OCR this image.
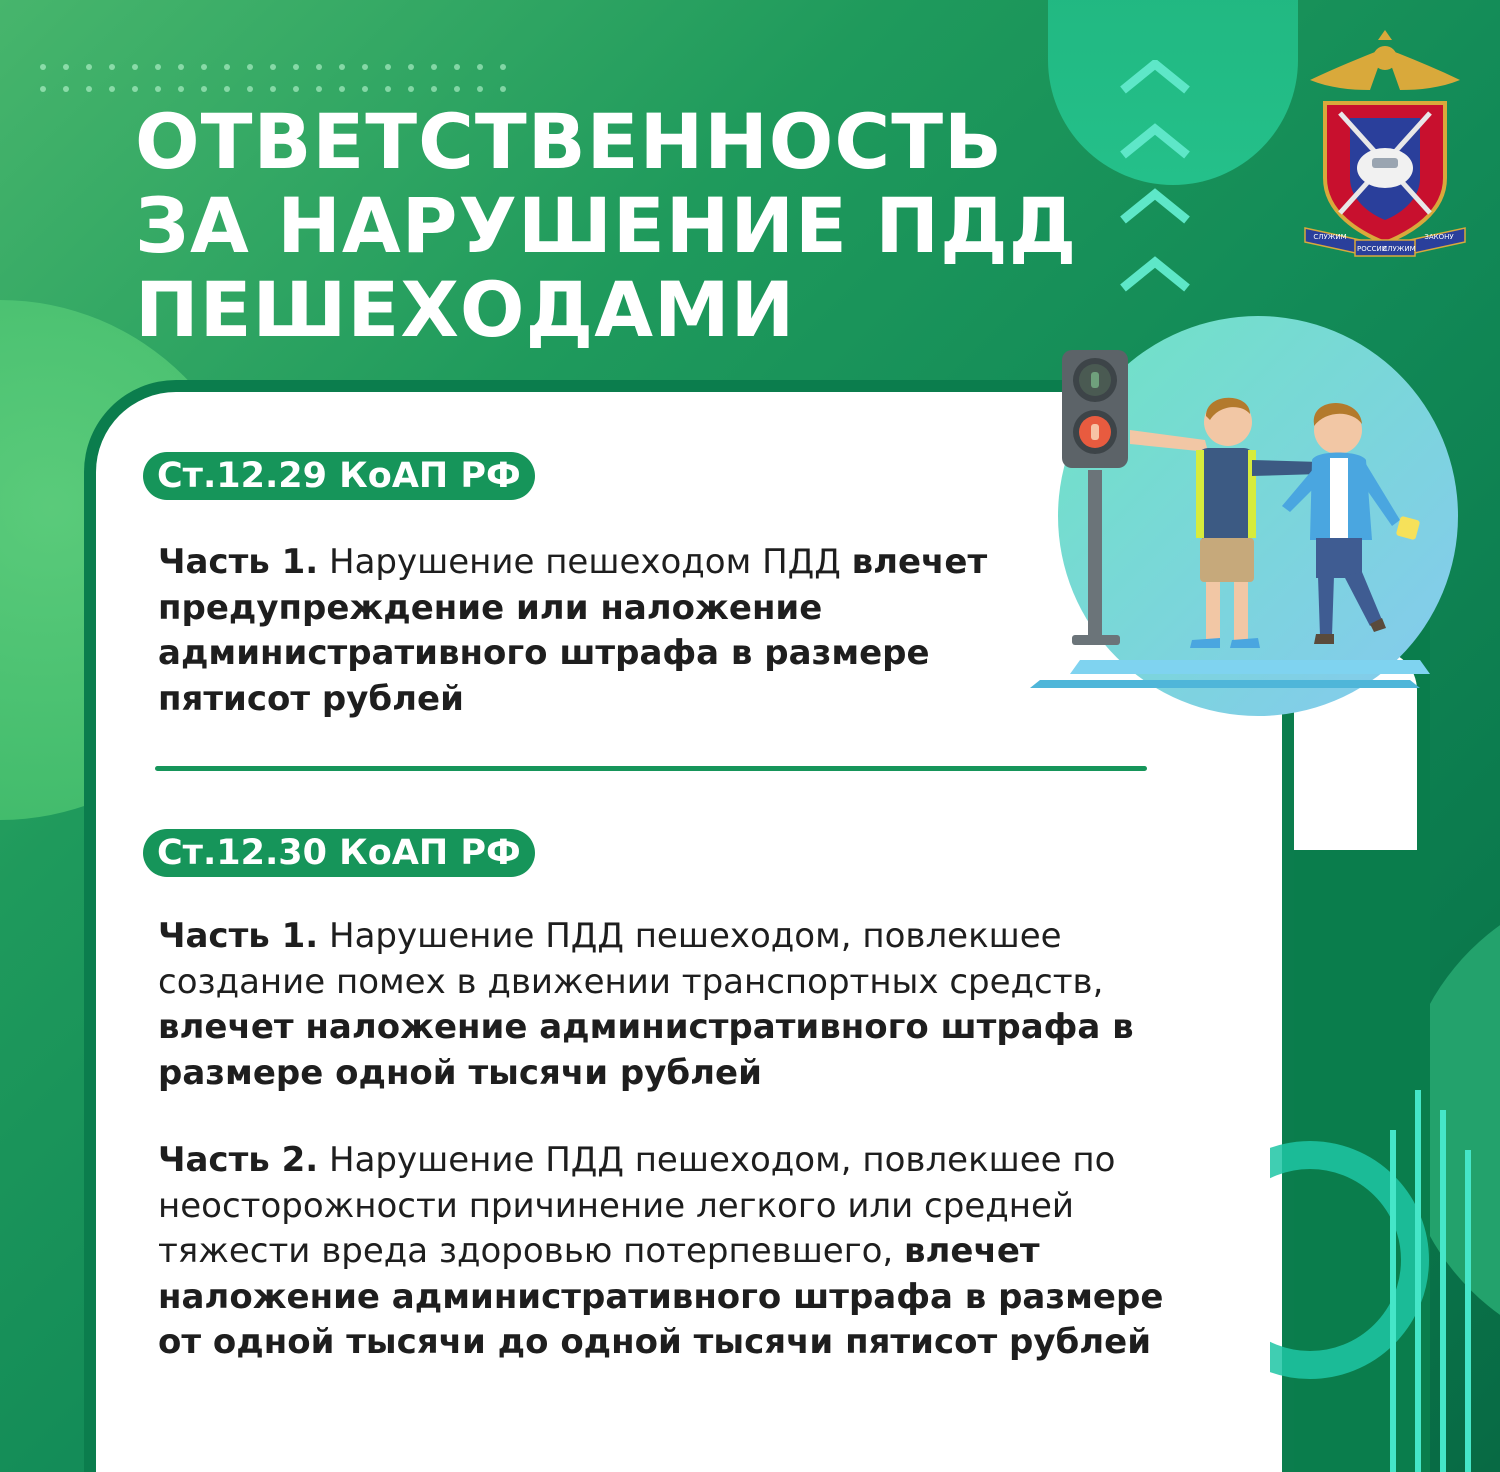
ОТВЕТСТВЕННОСТЬ
ЗА НАРУШЕНИЕ ПДД
ПЕШЕХОДАМИ
СЛУЖИМ
РОССИИ
СЛУЖИМ
ЗАКОНУ
Ст.12.29 КоАП РФ

Часть 1. Нарушение пешеходом ПДД влечет предупреждение или наложение административного штрафа в размере пятисот рублей

Ст.12.30 КоАП РФ

Часть 1. Нарушение ПДД пешеходом, повлекшее создание помех в движении транспортных средств, влечет наложение административного штрафа в размере одной тысячи рублей

Часть 2. Нарушение ПДД пешеходом, повлекшее по неосторожности причинение легкого или средней тяжести вреда здоровью потерпевшего, влечет наложение административного штрафа в размере от одной тысячи до одной тысячи пятисот рублей
